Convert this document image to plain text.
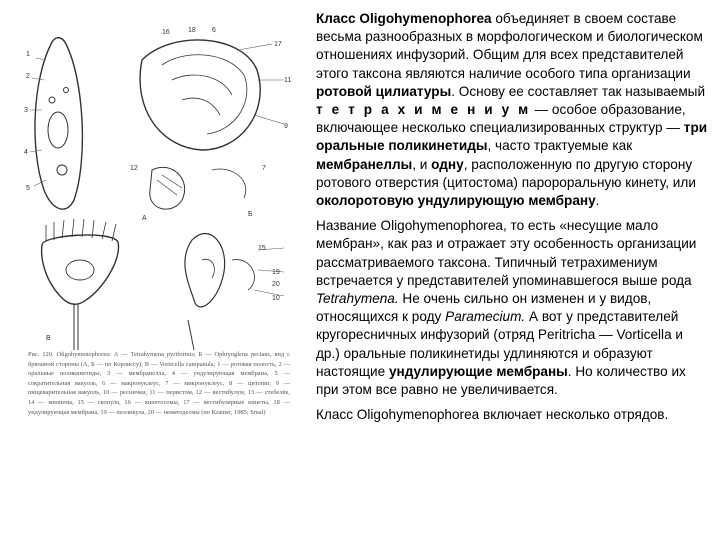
1
2
3
4
5
16	18 6
17
11
9
12	7
А
Б
15
19
20
10
В
Рис. 120. Oligohymenophorea: А — Tetrahymena pyriformis; Б — Ophryoglena pectans, вид с брюшной стороны (А, Б — по Корлиссу); В — Vorticella campanula; 1 — ротовая полость, 2 — оральные поликинетиды, 3 — мембранелла, 4 — ундулирующая мембрана, 5 — сократительная вакуоль, 6 — макронуклеус, 7 — микронуклеус, 8 — цитопиг, 9 — пищеварительная вакуоль, 10 — реснички, 11 — перистом, 12 — вестибулум, 13 — стебелёк, 14 — мионема, 15 — скопула, 16 — кинетосомы, 17 — вестибулярные кинеты, 18 — ундулирующая мембрана, 19 — пелликула, 20 — нематодесмы (по Krainer, 1985; Smal)

Класс Oligohymenophorea объединяет в своем составе весьма разнообразных в морфологическом и биологическом отношениях инфузорий. Общим для всех представителей этого таксона являются наличие особого типа организации ротовой цилиатуры. Основу ее составляет так называемый т е т р а х и м е н и у м — особое образование, включающее несколько специализированных структур — три оральные поликинетиды, часто трактуемые как мембранеллы, и одну, расположенную по другую сторону ротового отверстия (цитостома) паророральную кинету, или околоротовую ундулирующую мембрану.

Название Oligohymenophorea, то есть «несущие мало мембран», как раз и отражает эту особенность организации рассматриваемого таксона. Типичный тетрахимениум встречается у представителей упоминавшегося выше рода Tetrahymena. Не очень сильно он изменен и у видов, относящихся к роду Paramecium. А вот у представителей кругоресничных инфузорий (отряд Peritricha — Vorticella и др.) оральные поликинетиды удлиняются и образуют настоящие ундулирующие мембраны. Но количество их при этом все равно не увеличивается.

Класс Oligohymenophorea включает несколько отрядов.
